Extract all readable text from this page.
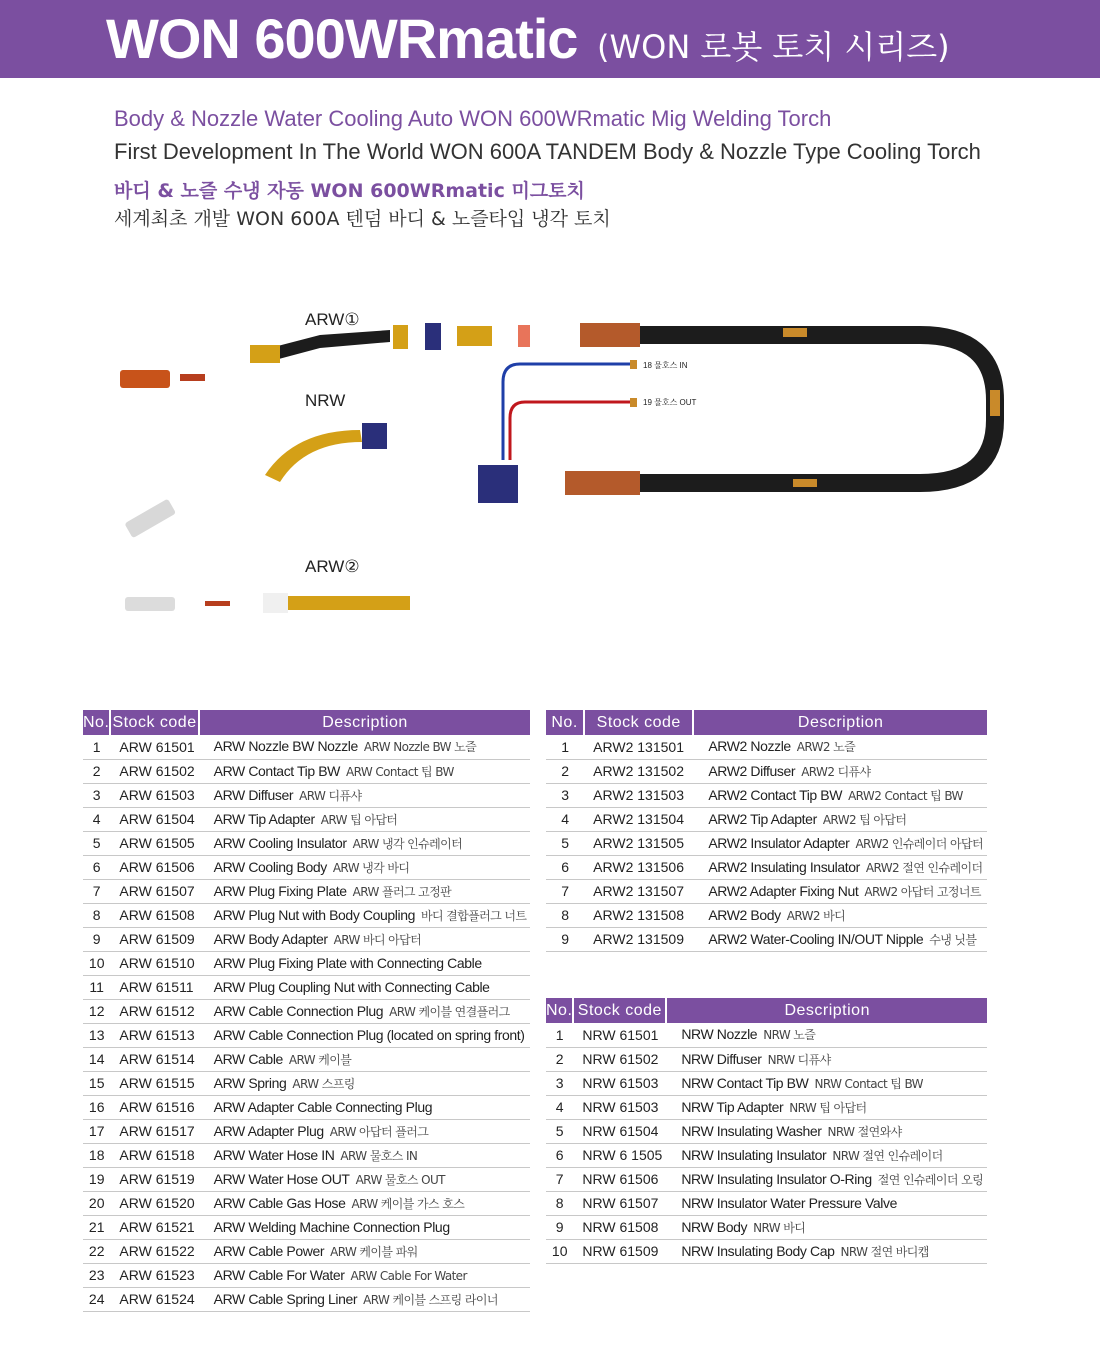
WON 600WRmatic (WON 로봇 토치 시리즈)
Body & Nozzle Water Cooling Auto WON 600WRmatic Mig Welding Torch
First Development In The World WON 600A TANDEM Body & Nozzle Type Cooling Torch
바디 & 노즐 수냉 자동 WON 600WRmatic 미그토치
세계최초 개발 WON 600A 텐덤 바디 & 노즐타입 냉각 토치
18 물호스 IN
19 물호스 OUT
ARW①
NRW
ARW②
No.	Stock code	Description
1	ARW 61501	ARW Nozzle BW Nozzle ARW Nozzle BW 노즐
2	ARW 61502	ARW Contact Tip BW ARW Contact 팁 BW
3	ARW 61503	ARW Diffuser ARW 디퓨샤
4	ARW 61504	ARW Tip Adapter ARW 팁 아답터
5	ARW 61505	ARW Cooling Insulator ARW 냉각 인슈레이터
6	ARW 61506	ARW Cooling Body ARW 냉각 바디
7	ARW 61507	ARW Plug Fixing Plate ARW 플러그 고정판
8	ARW 61508	ARW Plug Nut with Body Coupling 바디 결합플러그 너트
9	ARW 61509	ARW Body Adapter ARW 바디 아답터
10	ARW 61510	ARW Plug Fixing Plate with Connecting Cable
11	ARW 61511	ARW Plug Coupling Nut with Connecting Cable
12	ARW 61512	ARW Cable Connection Plug ARW 케이블 연결플러그
13	ARW 61513	ARW Cable Connection Plug (located on spring front)
14	ARW 61514	ARW Cable ARW 케이블
15	ARW 61515	ARW Spring ARW 스프링
16	ARW 61516	ARW Adapter Cable Connecting Plug
17	ARW 61517	ARW Adapter Plug ARW 아답터 플러그
18	ARW 61518	ARW Water Hose IN ARW 물호스 IN
19	ARW 61519	ARW Water Hose OUT ARW 물호스 OUT
20	ARW 61520	ARW Cable Gas Hose ARW 케이블 가스 호스
21	ARW 61521	ARW Welding Machine Connection Plug
22	ARW 61522	ARW Cable Power ARW 케이블 파워
23	ARW 61523	ARW Cable For Water ARW Cable For Water
24	ARW 61524	ARW Cable Spring Liner ARW 케이블 스프링 라이너
No.	Stock code	Description
1	ARW2 131501	ARW2 Nozzle ARW2 노즐
2	ARW2 131502	ARW2 Diffuser ARW2 디퓨샤
3	ARW2 131503	ARW2 Contact Tip BW ARW2 Contact 팁 BW
4	ARW2 131504	ARW2 Tip Adapter ARW2 팁 아답터
5	ARW2 131505	ARW2 Insulator Adapter ARW2 인슈레이더 아답터
6	ARW2 131506	ARW2 Insulating Insulator ARW2 절연 인슈레이더
7	ARW2 131507	ARW2 Adapter Fixing Nut ARW2 아답터 고정너트
8	ARW2 131508	ARW2 Body ARW2 바디
9	ARW2 131509	ARW2 Water-Cooling IN/OUT Nipple 수냉 닛블
No.	Stock code	Description
1	NRW 61501	NRW Nozzle NRW 노즐
2	NRW 61502	NRW Diffuser NRW 디퓨샤
3	NRW 61503	NRW Contact Tip BW NRW Contact 팁 BW
4	NRW 61503	NRW Tip Adapter NRW 팁 아답터
5	NRW 61504	NRW Insulating Washer NRW 절연와샤
6	NRW 6 1505	NRW Insulating Insulator NRW 절연 인슈레이더
7	NRW 61506	NRW Insulating Insulator O-Ring 절연 인슈레이더 오링
8	NRW 61507	NRW Insulator Water Pressure Valve
9	NRW 61508	NRW Body NRW 바디
10	NRW 61509	NRW Insulating Body Cap NRW 절연 바디캡
